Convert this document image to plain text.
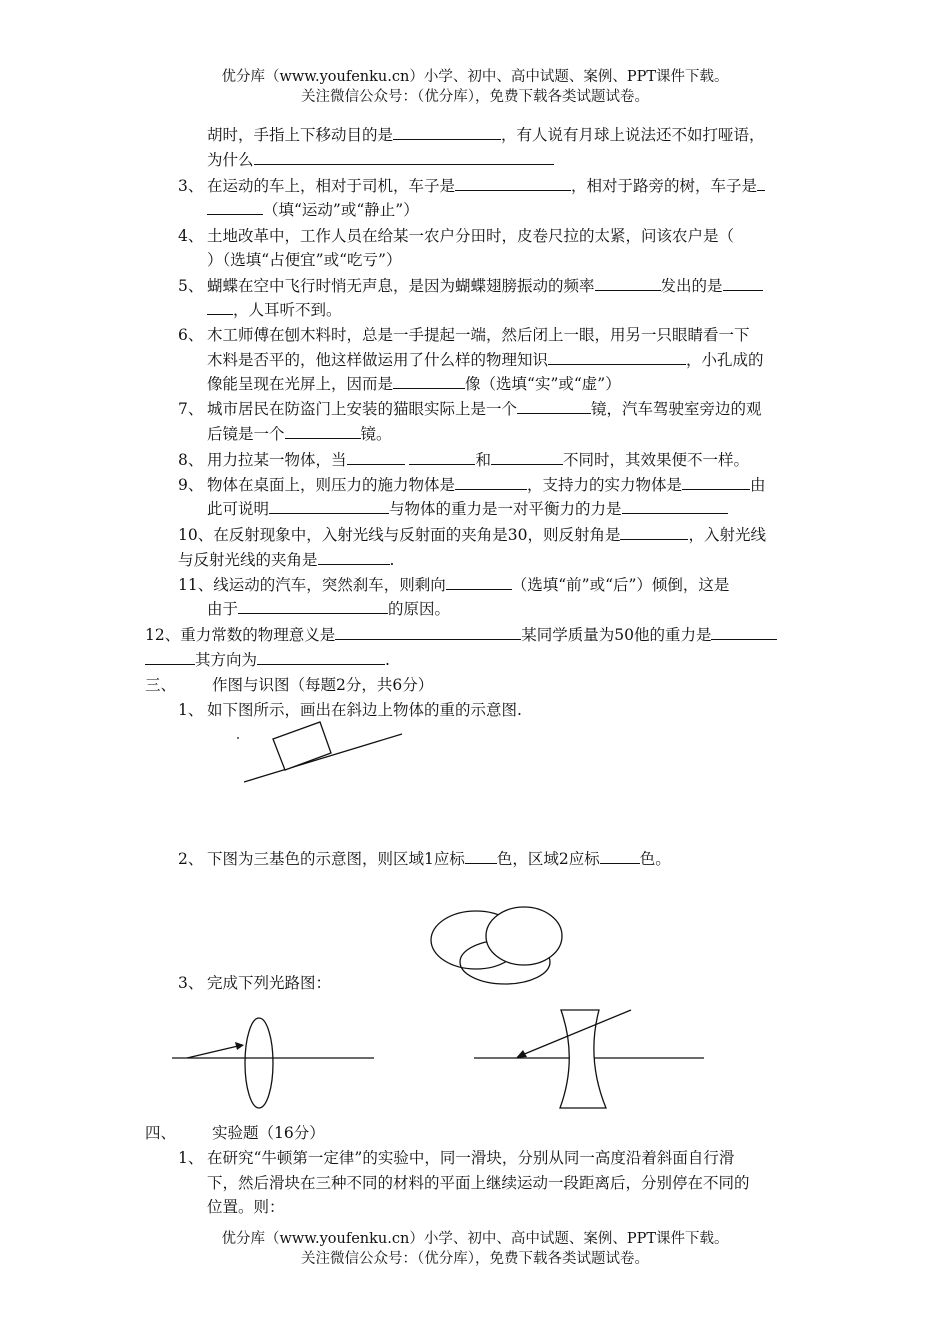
优分库（www.youfenku.cn）小学、初中、高中试题、案例、PPT课件下载。
关注微信公众号：（优分库），免费下载各类试题试卷。
胡时，手指上下移动目的是	，有人说有月球上说法还不如打哑语，
为什么
3、 在运动的车上，相对于司机，车子是	，相对于路旁的树，车子是
（填“运动”或“静止”）
4、 土地改革中，工作人员在给某一农户分田时，皮卷尺拉的太紧，问该农户是（
）（选填“占便宜”或“吃亏”）
5、 蝴蝶在空中飞行时悄无声息，是因为蝴蝶翅膀振动的频率	发出的是
，人耳听不到。
6、 木工师傅在刨木料时，总是一手提起一端，然后闭上一眼，用另一只眼睛看一下
木料是否平的，他这样做运用了什么样的物理知识	，小孔成的
像能呈现在光屏上，因而是	像（选填“实”或“虚”）
7、 城市居民在防盗门上安装的猫眼实际上是一个	镜，汽车驾驶室旁边的观
后镜是一个	镜。
8、 用力拉某一物体，当	和	不同时，其效果便不一样。
9、 物体在桌面上，则压力的施力物体是	，支持力的实力物体是	由
此可说明	与物体的重力是一对平衡力的力是
10、在反射现象中，入射光线与反射面的夹角是30，则反射角是	，入射光线
与反射光线的夹角是	.
11、线运动的汽车，突然刹车，则剩向	（选填“前”或“后”）倾倒，这是
由于	的原因。
12、重力常数的物理意义是	某同学质量为50他的重力是
其方向为	.
三、 作图与识图（每题2分，共6分）
1、 如下图所示，画出在斜边上物体的重的示意图.
2、 下图为三基色的示意图，则区域1应标 色，区域2应标	色。
3、 完成下列光路图：
四、 实验题（16分）
1、 在研究“牛顿第一定律”的实验中，同一滑块，分别从同一高度沿着斜面自行滑
下，然后滑块在三种不同的材料的平面上继续运动一段距离后，分别停在不同的
位置。则：
优分库（www.youfenku.cn）小学、初中、高中试题、案例、PPT课件下载。
关注微信公众号：（优分库），免费下载各类试题试卷。
